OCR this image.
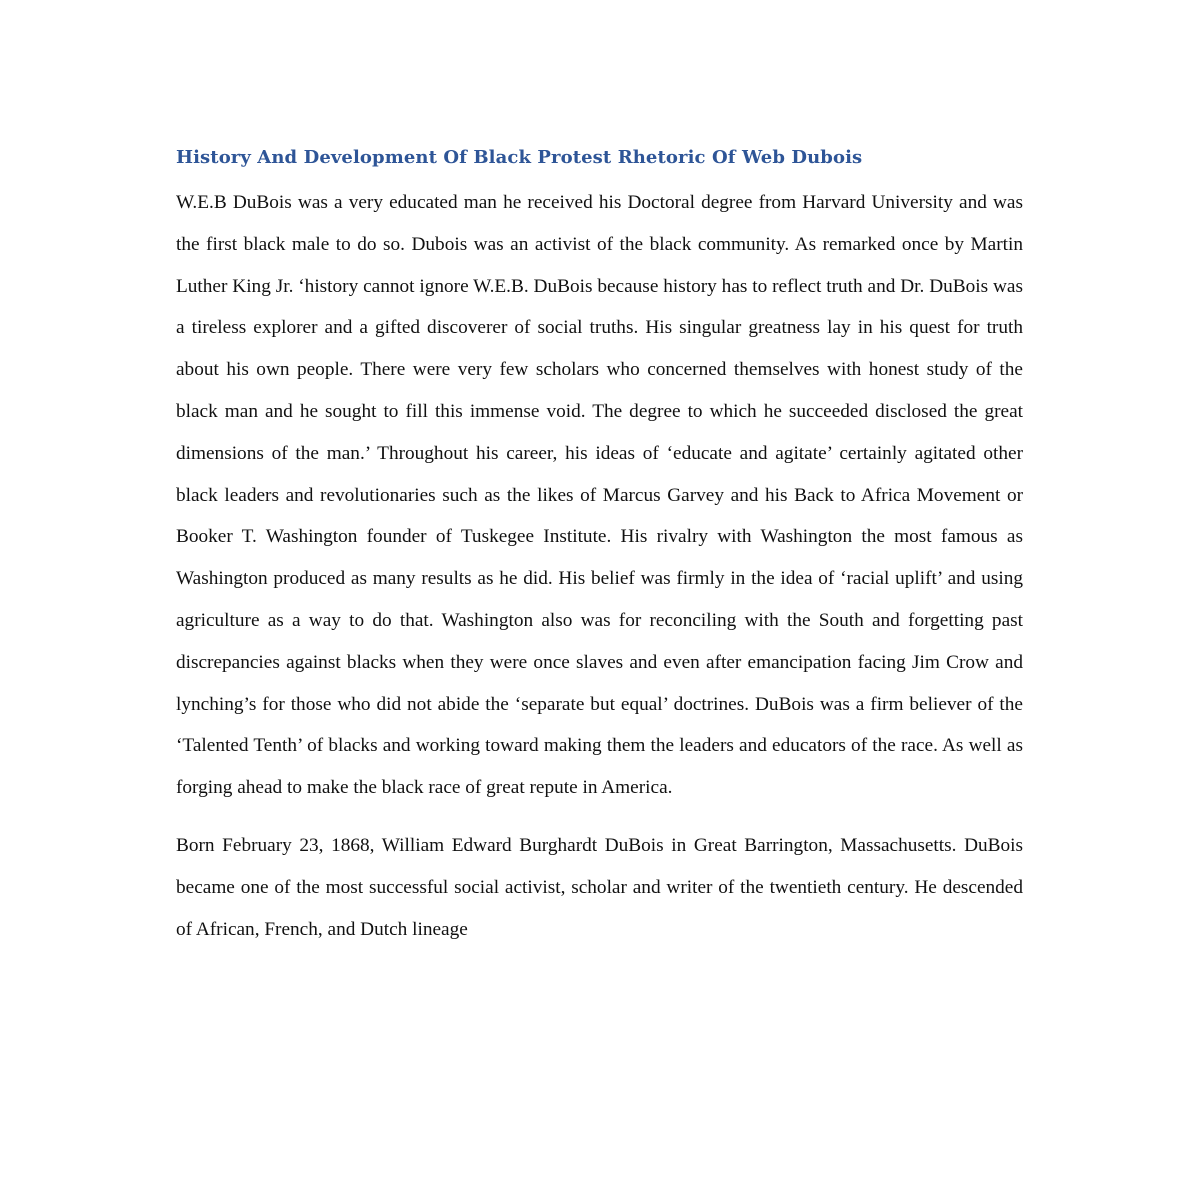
History And Development Of Black Protest Rhetoric Of Web Dubois

W.E.B DuBois was a very educated man he received his Doctoral degree from Harvard University and was the first black male to do so. Dubois was an activist of the black community. As remarked once by Martin Luther King Jr. ‘history cannot ignore W.E.B. DuBois because history has to reflect truth and Dr. DuBois was a tireless explorer and a gifted discoverer of social truths. His singular greatness lay in his quest for truth about his own people. There were very few scholars who concerned themselves with honest study of the black man and he sought to fill this immense void. The degree to which he succeeded disclosed the great dimensions of the man.’ Throughout his career, his ideas of ‘educate and agitate’ certainly agitated other black leaders and revolutionaries such as the likes of Marcus Garvey and his Back to Africa Movement or Booker T. Washington founder of Tuskegee Institute. His rivalry with Washington the most famous as Washington produced as many results as he did. His belief was firmly in the idea of ‘racial uplift’ and using agriculture as a way to do that. Washington also was for reconciling with the South and forgetting past discrepancies against blacks when they were once slaves and even after emancipation facing Jim Crow and lynching’s for those who did not abide the ‘separate but equal’ doctrines. DuBois was a firm believer of the ‘Talented Tenth’ of blacks and working toward making them the leaders and educators of the race. As well as forging ahead to make the black race of great repute in America.

Born February 23, 1868, William Edward Burghardt DuBois in Great Barrington, Massachusetts. DuBois became one of the most successful social activist, scholar and writer of the twentieth century. He descended of African, French, and Dutch lineage
